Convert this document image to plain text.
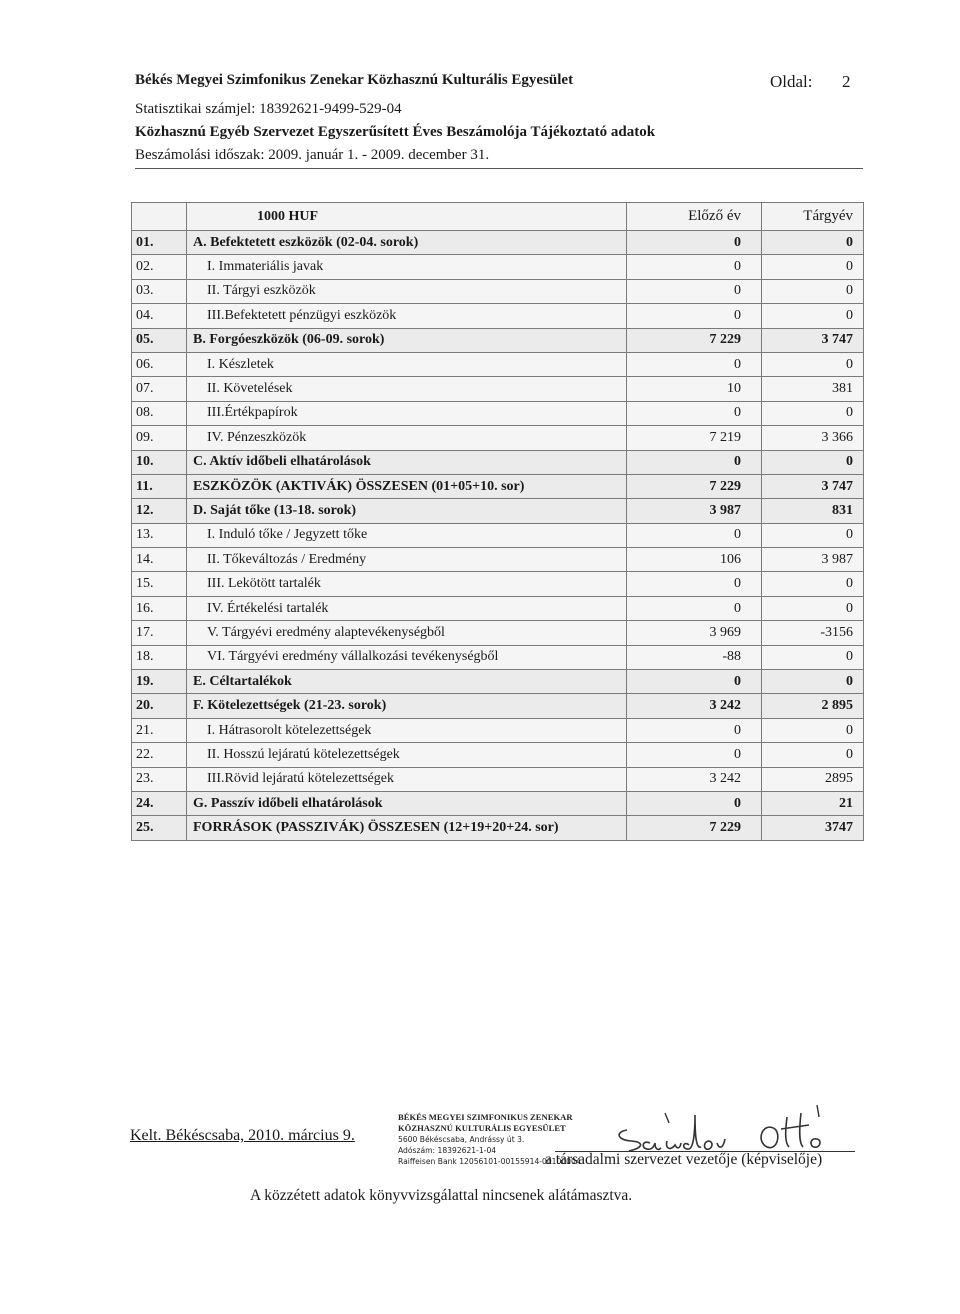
Békés Megyei Szimfonikus Zenekar Közhasznú Kulturális Egyesület	Oldal: 2
Statisztikai számjel: 18392621-9499-529-04
Közhasznú Egyéb Szervezet Egyszerűsített Éves Beszámolója Tájékoztató adatok
Beszámolási időszak: 2009. január 1. - 2009. december 31.
	1000 HUF	Előző év	Tárgyév
01.	A. Befektetett eszközök (02-04. sorok)	0	0
02.	I. Immateriális javak	0	0
03.	II. Tárgyi eszközök	0	0
04.	III.Befektetett pénzügyi eszközök	0	0
05.	B. Forgóeszközök (06-09. sorok)	7 229	3 747
06.	I. Készletek	0	0
07.	II. Követelések	10	381
08.	III.Értékpapírok	0	0
09.	IV. Pénzeszközök	7 219	3 366
10.	C. Aktív időbeli elhatárolások	0	0
11.	ESZKÖZÖK (AKTIVÁK) ÖSSZESEN (01+05+10. sor)	7 229	3 747
12.	D. Saját tőke (13-18. sorok)	3 987	831
13.	I. Induló tőke / Jegyzett tőke	0	0
14.	II. Tőkeváltozás / Eredmény	106	3 987
15.	III. Lekötött tartalék	0	0
16.	IV. Értékelési tartalék	0	0
17.	V. Tárgyévi eredmény alaptevékenységből	3 969	-3156
18.	VI. Tárgyévi eredmény vállalkozási tevékenységből	-88	0
19.	E. Céltartalékok	0	0
20.	F. Kötelezettségek (21-23. sorok)	3 242	2 895
21.	I. Hátrasorolt kötelezettségek	0	0
22.	II. Hosszú lejáratú kötelezettségek	0	0
23.	III.Rövid lejáratú kötelezettségek	3 242	2895
24.	G. Passzív időbeli elhatárolások	0	21
25.	FORRÁSOK (PASSZIVÁK) ÖSSZESEN (12+19+20+24. sor)	7 229	3747
BÉKÉS MEGYEI SZIMFONIKUS ZENEKAR
KÖZHASZNÚ KULTURÁLIS EGYESÜLET
5600 Békéscsaba, Andrássy út 3.
Adószám: 18392621-1-04
Raiffeisen Bank 12056101-00155914-00100004
Kelt. Békéscsaba, 2010. március 9.
a társadalmi szervezet vezetője (képviselője)
A közzétett adatok könyvvizsgálattal nincsenek alátámasztva.
